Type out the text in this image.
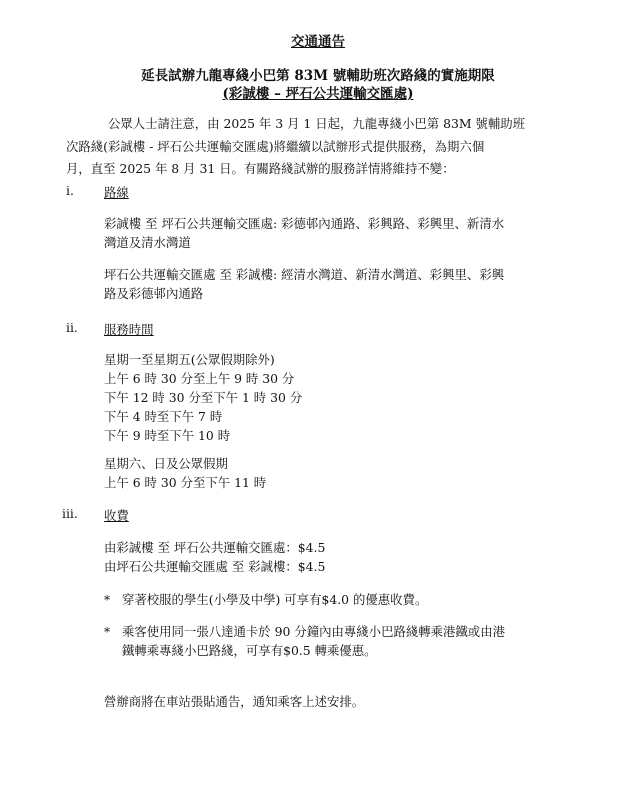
交通通告
延長試辦九龍專綫小巴第 83M 號輔助班次路綫的實施期限
(彩誠樓 – 坪石公共運輸交匯處)
公眾人士請注意，由 2025 年 3 月 1 日起，九龍專綫小巴第 83M 號輔助班
次路綫(彩誠樓 - 坪石公共運輸交匯處)將繼續以試辦形式提供服務，為期六個
月，直至 2025 年 8 月 31 日。有關路綫試辦的服務詳情將維持不變：
i.	路線
彩誠樓 至 坪石公共運輸交匯處: 彩德邨內通路、彩興路、彩興里、新清水
灣道及清水灣道
坪石公共運輸交匯處 至 彩誠樓: 經清水灣道、新清水灣道、彩興里、彩興
路及彩德邨內通路
ii.	服務時間
星期一至星期五(公眾假期除外)
上午 6 時 30 分至上午 9 時 30 分
下午 12 時 30 分至下午 1 時 30 分
下午 4 時至下午 7 時
下午 9 時至下午 10 時
星期六、日及公眾假期
上午 6 時 30 分至下午 11 時
iii.	收費
由彩誠樓 至 坪石公共運輸交匯處：$4.5
由坪石公共運輸交匯處 至 彩誠樓：$4.5
* 穿著校服的學生(小學及中學) 可享有$4.0 的優惠收費。
* 乘客使用同一張八達通卡於 90 分鐘內由專綫小巴路綫轉乘港鐵或由港
鐵轉乘專綫小巴路綫，可享有$0.5 轉乘優惠。
營辦商將在車站張貼通告，通知乘客上述安排。
